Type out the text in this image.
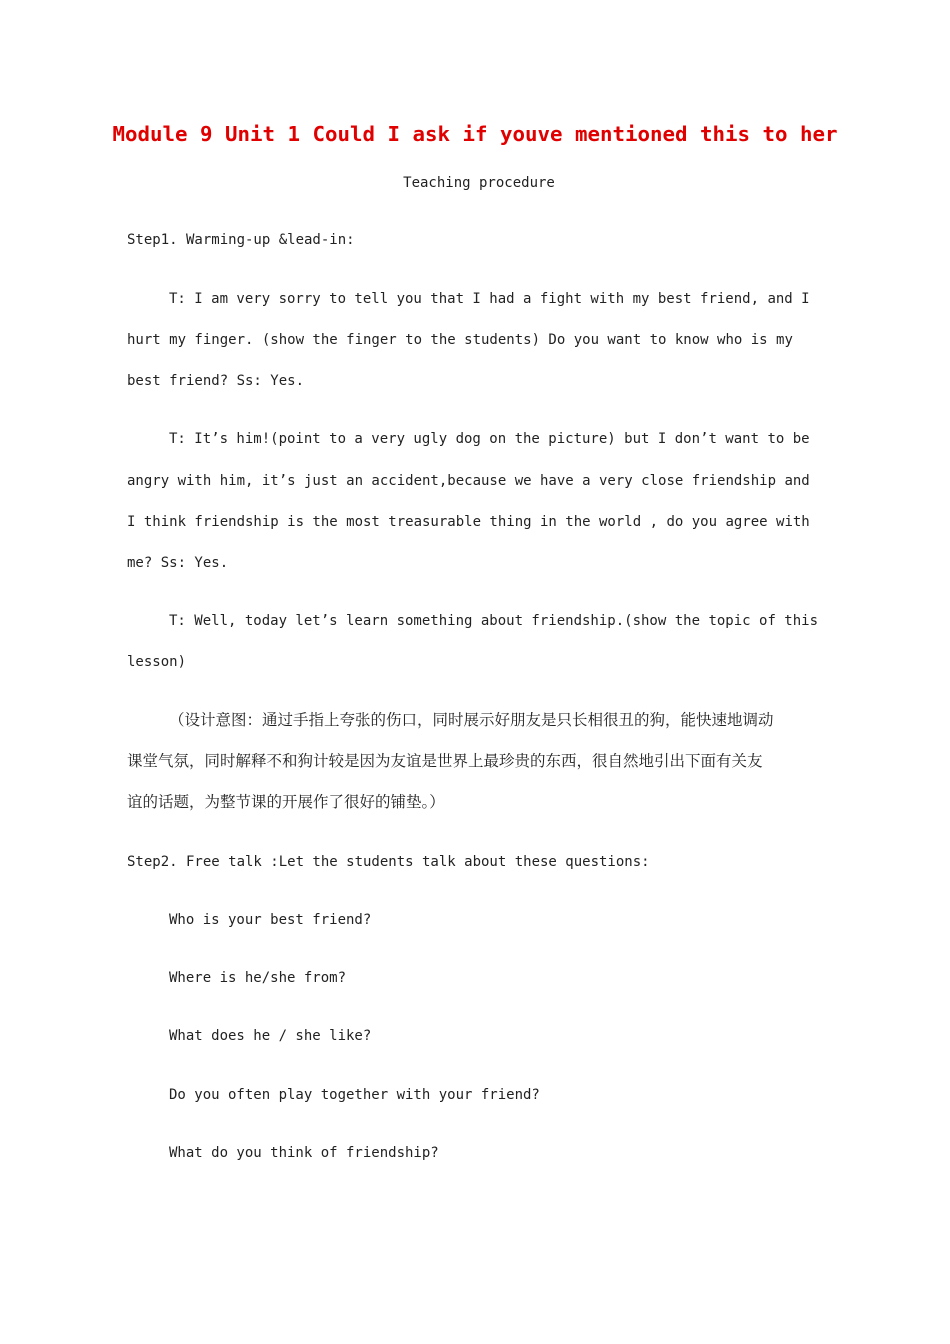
Module 9 Unit 1 Could I ask if youve mentioned this to her
Teaching procedure
Step1. Warming-up &lead-in:
T: I am very sorry to tell you that I had a fight with my best friend, and I
hurt my finger. (show the finger to the students) Do you want to know who is my
best friend? Ss: Yes.
T: It’s him!(point to a very ugly dog on the picture) but I don’t want to be
angry with him, it’s just an accident,because we have a very close friendship and
I think friendship is the most treasurable thing in the world , do you agree with
me? Ss: Yes.
T: Well, today let’s learn something about friendship.(show the topic of this
lesson)
（设计意图：通过手指上夸张的伤口，同时展示好朋友是只长相很丑的狗，能快速地调动
课堂气氛，同时解释不和狗计较是因为友谊是世界上最珍贵的东西，很自然地引出下面有关友
谊的话题，为整节课的开展作了很好的铺垫。）
Step2. Free talk :Let the students talk about these questions:
Who is your best friend?
Where is he/she from?
What does he / she like?
Do you often play together with your friend?
What do you think of friendship?
